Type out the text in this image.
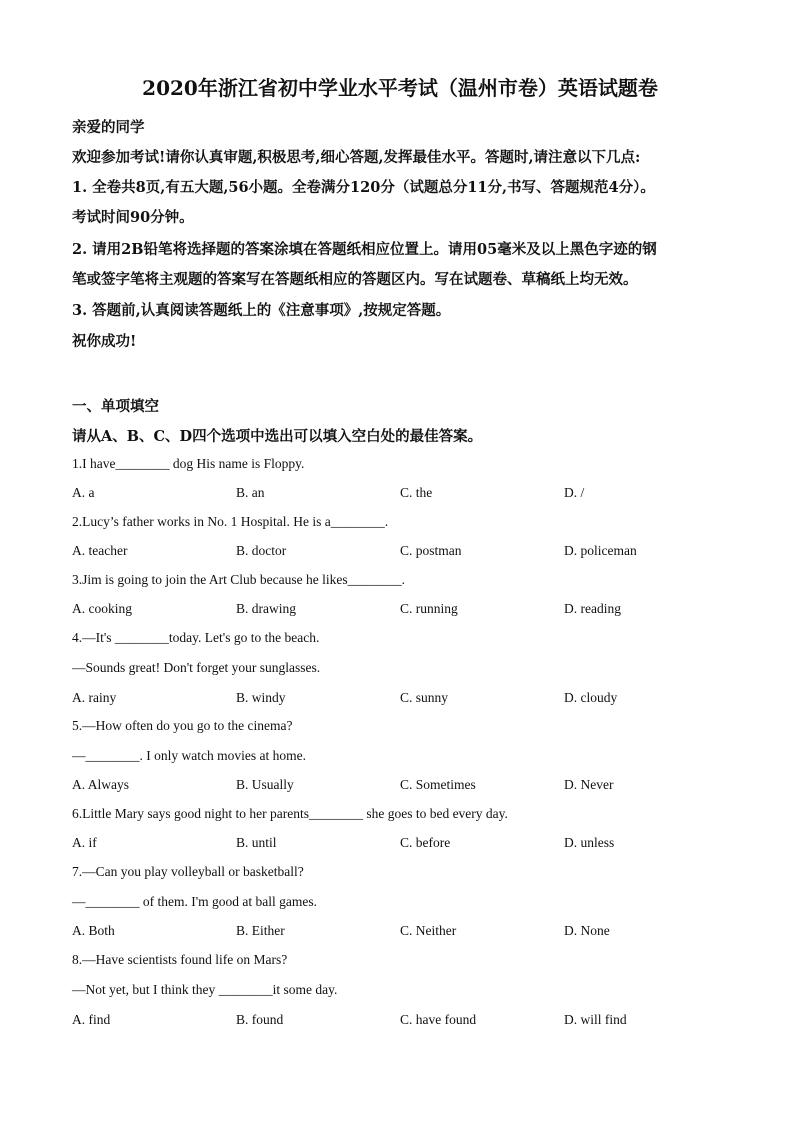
2020年浙江省初中学业水平考试（温州市卷）英语试题卷
亲爱的同学
欢迎参加考试!请你认真审题,积极思考,细心答题,发挥最佳水平。答题时,请注意以下几点:
1. 全卷共8页,有五大题,56小题。全卷满分120分（试题总分11分,书写、答题规范4分）。
考试时间90分钟。
2. 请用2B铅笔将选择题的答案涂填在答题纸相应位置上。请用05毫米及以上黑色字迹的钢
笔或签字笔将主观题的答案写在答题纸相应的答题区内。写在试题卷、草稿纸上均无效。
3. 答题前,认真阅读答题纸上的《注意事项》,按规定答题。
祝你成功!
一、单项填空
请从A、B、C、D四个选项中选出可以填入空白处的最佳答案。
1.I have________ dog His name is Floppy.
A. a	B. an	C. the	D. /
2.Lucy’s father works in No. 1 Hospital. He is a________.
A. teacher	B. doctor	C. postman	D. policeman
3.Jim is going to join the Art Club because he likes________.
A. cooking	B. drawing	C. running	D. reading
4.—It's ________today. Let's go to the beach.
—Sounds great! Don't forget your sunglasses.
A. rainy	B. windy	C. sunny	D. cloudy
5.—How often do you go to the cinema?
—________. I only watch movies at home.
A. Always	B. Usually	C. Sometimes	D. Never
6.Little Mary says good night to her parents________ she goes to bed every day.
A. if	B. until	C. before	D. unless
7.—Can you play volleyball or basketball?
—________ of them. I'm good at ball games.
A. Both	B. Either	C. Neither	D. None
8.—Have scientists found life on Mars?
—Not yet, but I think they ________it some day.
A. find	B. found	C. have found	D. will find
